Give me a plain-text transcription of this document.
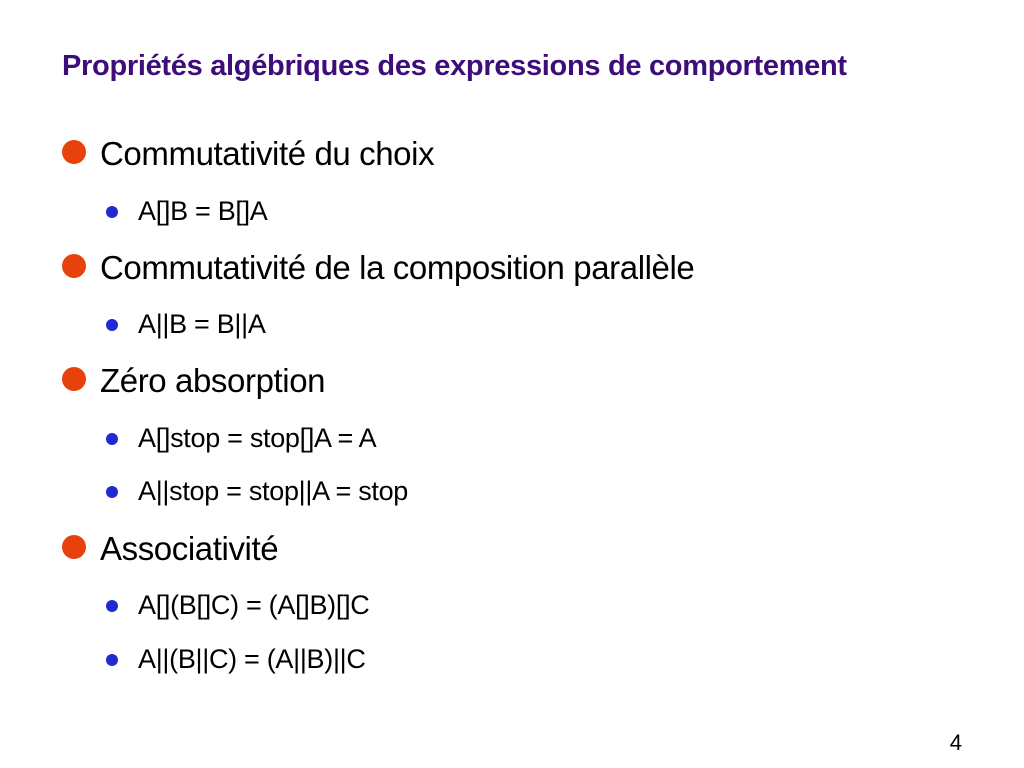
Propriétés algébriques des expressions de comportement
Commutativité du choix
A[]B = B[]A
Commutativité de la composition parallèle
A||B = B||A
Zéro absorption
A[]stop = stop[]A = A
A||stop = stop||A = stop
Associativité
A[](B[]C) = (A[]B)[]C
A||(B||C) = (A||B)||C
4
